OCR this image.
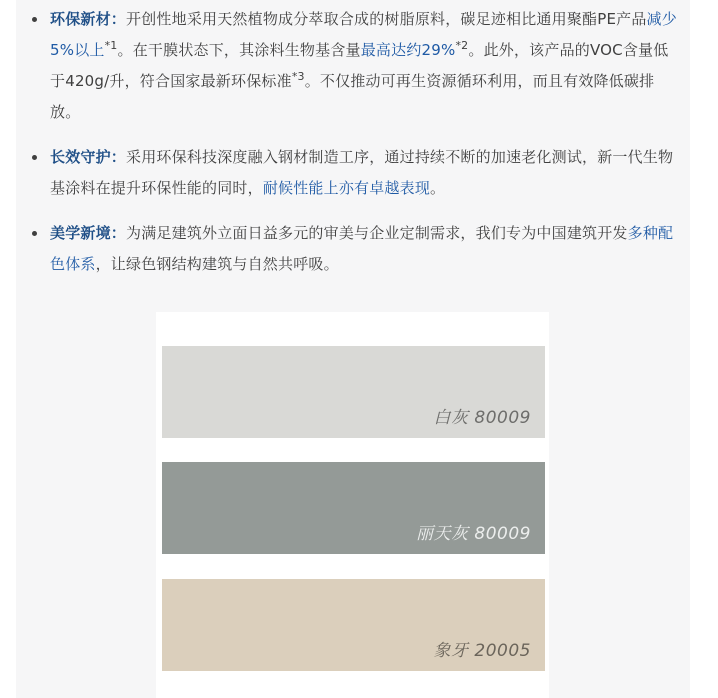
环保新材：开创性地采用天然植物成分萃取合成的树脂原料，碳足迹相比通用聚酯PE产品减少5%以上$^{*1}$。在干膜状态下，其涂料生物基含量最高达约29%$^{*2}$。此外，该产品的VOC含量低于420g/升，符合国家最新环保标准$^{*3}$。不仅推动可再生资源循环利用，而且有效降低碳排放。
长效守护：采用环保科技深度融入钢材制造工序，通过持续不断的加速老化测试，新一代生物基涂料在提升环保性能的同时，耐候性能上亦有卓越表现。
美学新境：为满足建筑外立面日益多元的审美与企业定制需求，我们专为中国建筑开发多种配色体系，让绿色钢结构建筑与自然共呼吸。
白灰 80009
丽天灰 80009
象牙 20005
